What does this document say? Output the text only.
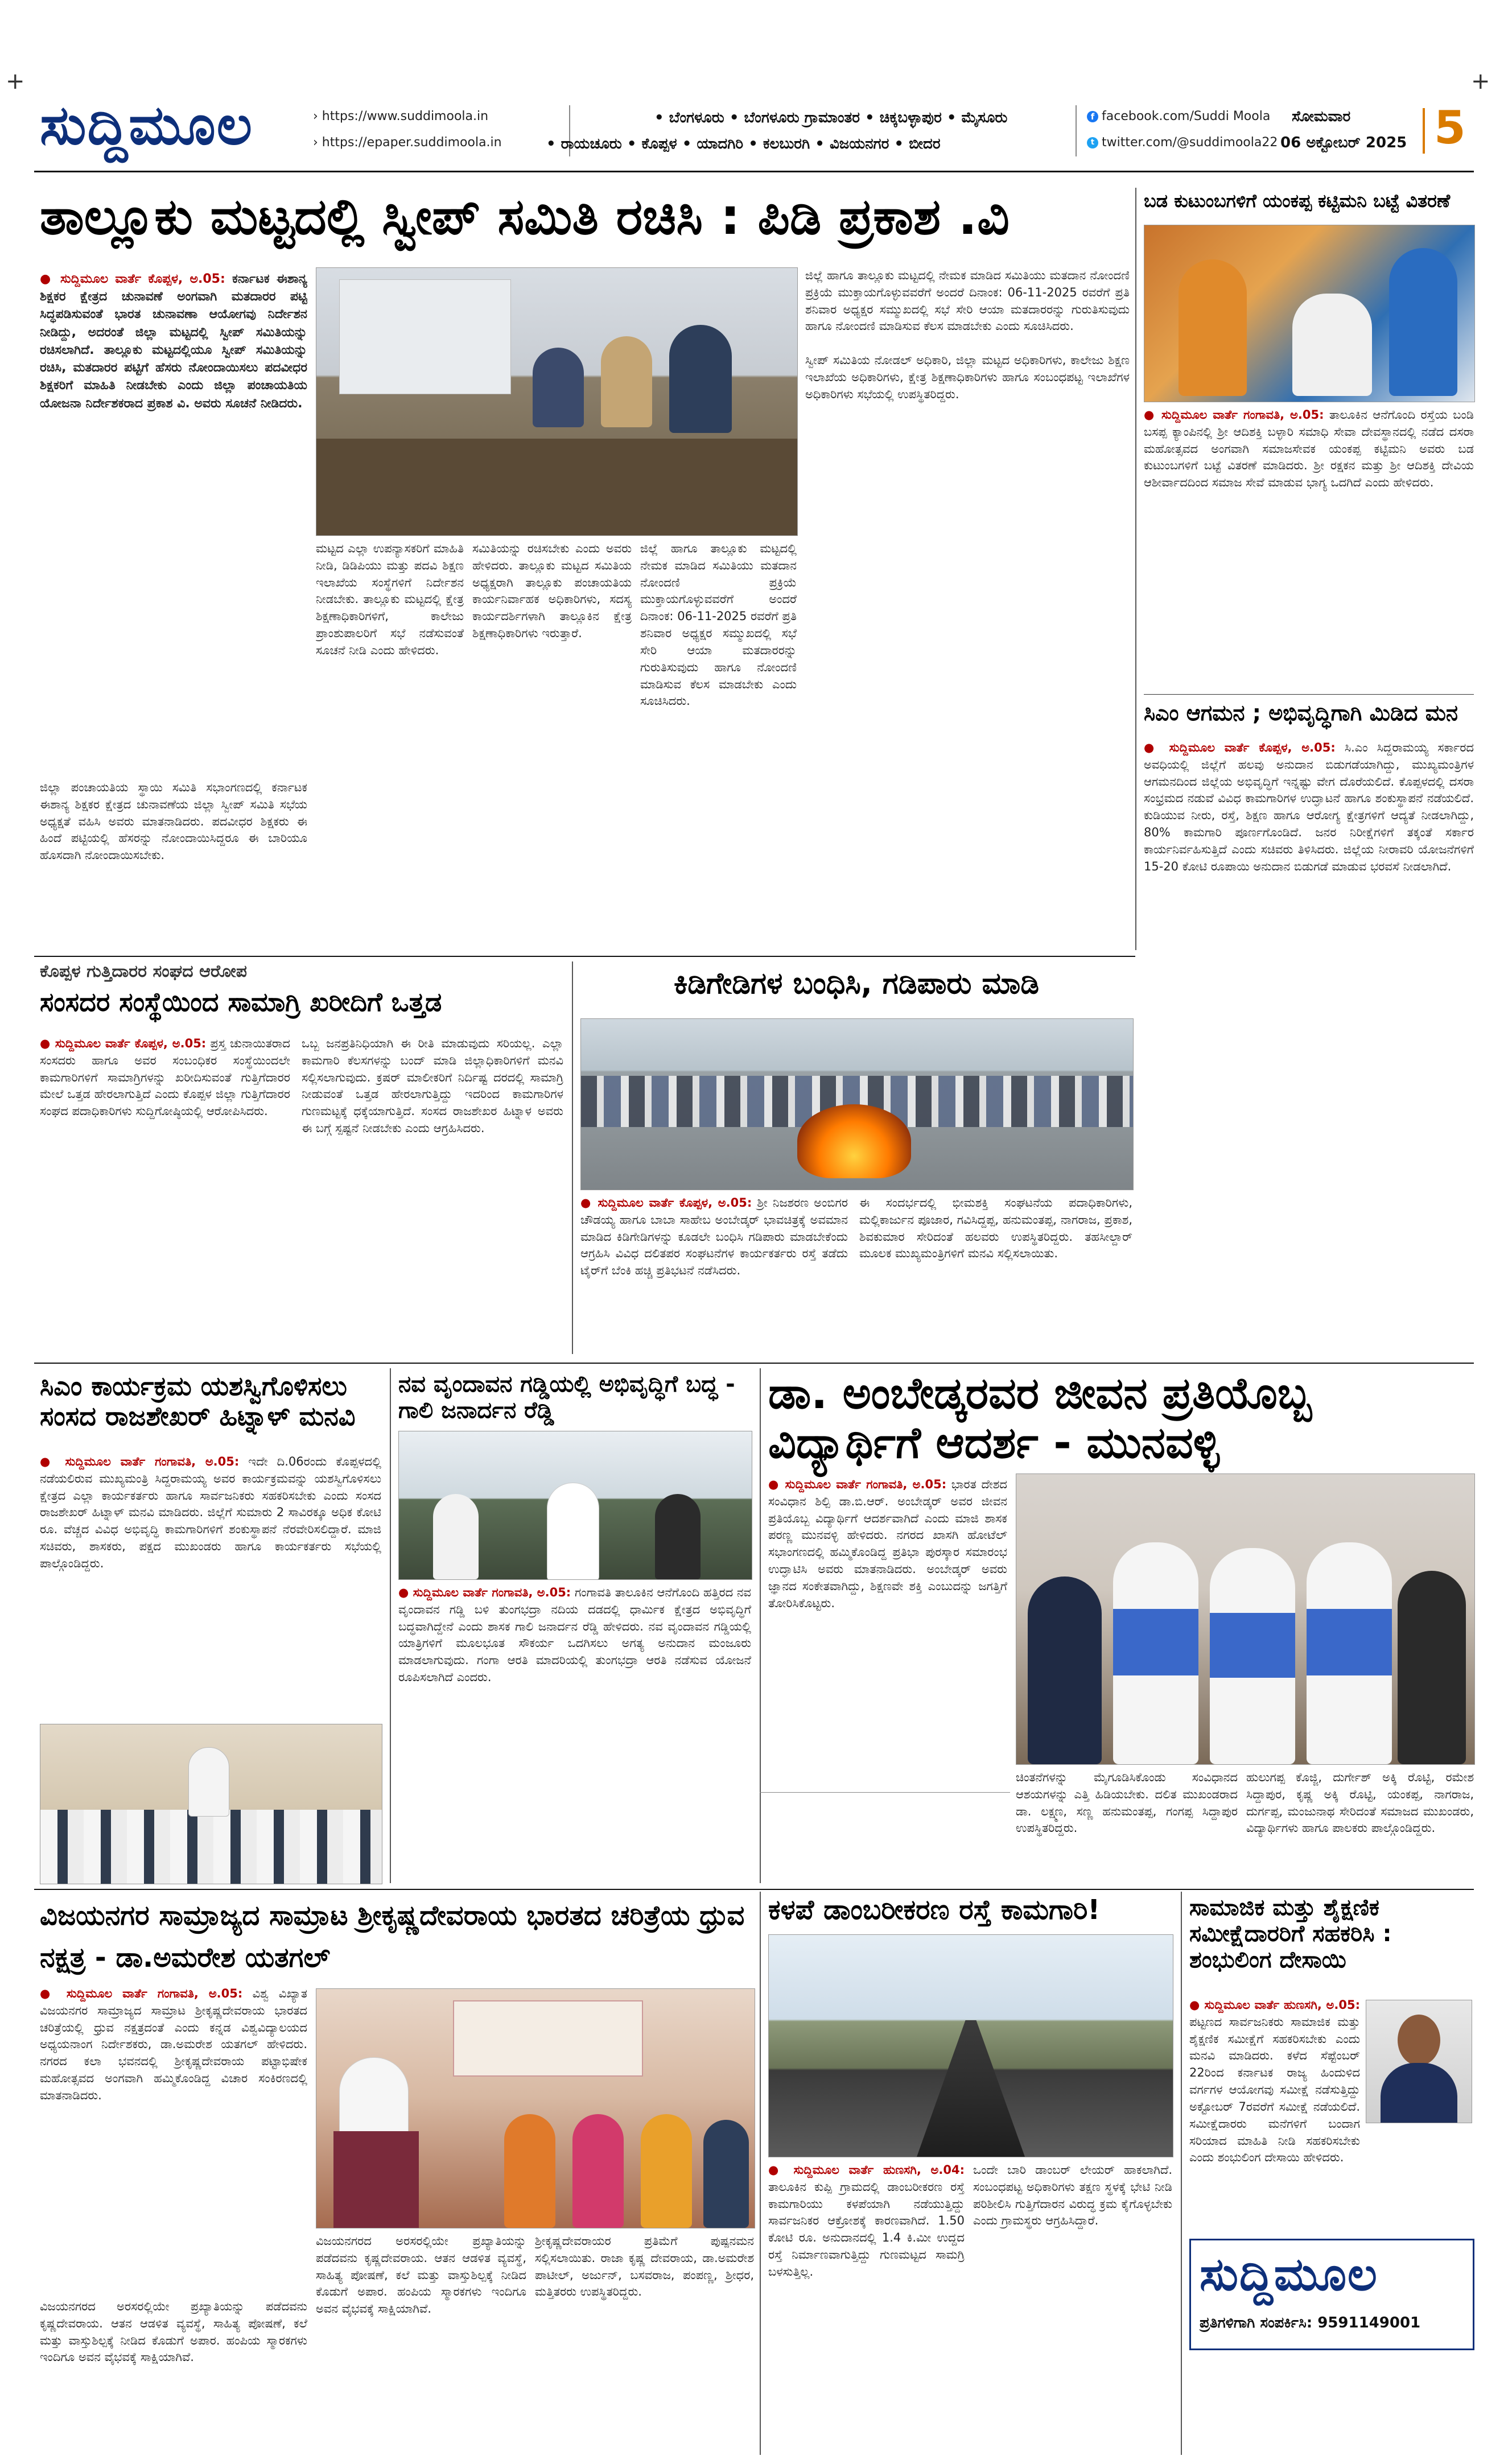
+	+
ಸುದ್ದಿಮೂಲ	› https://www.suddimoola.in
› https://epaper.suddimoola.in
• ಬೆಂಗಳೂರು • ಬೆಂಗಳೂರು ಗ್ರಾಮಾಂತರ • ಚಿಕ್ಕಬಳ್ಳಾಪುರ • ಮೈಸೂರು
• ರಾಯಚೂರು • ಕೊಪ್ಪಳ • ಯಾದಗಿರಿ • ಕಲಬುರಗಿ • ವಿಜಯನಗರ • ಬೀದರ
f facebook.com/Suddi Moola
t twitter.com/@suddimoola22
ಸೋಮವಾರ
06 ಅಕ್ಟೋಬರ್ 2025 5
ತಾಲ್ಲೂಕು ಮಟ್ಟದಲ್ಲಿ ಸ್ವೀಪ್ ಸಮಿತಿ ರಚಿಸಿ : ಪಿಡಿ ಪ್ರಕಾಶ .ವಿ
● ಸುದ್ದಿಮೂಲ ವಾರ್ತೆ ಕೊಪ್ಪಳ, ಅ.05: ಕರ್ನಾಟಕ ಈಶಾನ್ಯ ಶಿಕ್ಷಕರ ಕ್ಷೇತ್ರದ ಚುನಾವಣೆ ಅಂಗವಾಗಿ ಮತದಾರರ ಪಟ್ಟಿ ಸಿದ್ಧಪಡಿಸುವಂತೆ ಭಾರತ ಚುನಾವಣಾ ಆಯೋಗವು ನಿರ್ದೇಶನ ನೀಡಿದ್ದು, ಅದರಂತೆ ಜಿಲ್ಲಾ ಮಟ್ಟದಲ್ಲಿ ಸ್ವೀಪ್ ಸಮಿತಿಯನ್ನು ರಚಿಸಲಾಗಿದೆ. ತಾಲ್ಲೂಕು ಮಟ್ಟದಲ್ಲಿಯೂ ಸ್ವೀಪ್ ಸಮಿತಿಯನ್ನು ರಚಿಸಿ, ಮತದಾರರ ಪಟ್ಟಿಗೆ ಹೆಸರು ನೋಂದಾಯಿಸಲು ಪದವೀಧರ ಶಿಕ್ಷಕರಿಗೆ ಮಾಹಿತಿ ನೀಡಬೇಕು ಎಂದು ಜಿಲ್ಲಾ ಪಂಚಾಯತಿಯ ಯೋಜನಾ ನಿರ್ದೇಶಕರಾದ ಪ್ರಕಾಶ ವಿ. ಅವರು ಸೂಚನೆ ನೀಡಿದರು.
ಜಿಲ್ಲಾ ಪಂಚಾಯತಿಯ ಸ್ಥಾಯಿ ಸಮಿತಿ ಸಭಾಂಗಣದಲ್ಲಿ ಕರ್ನಾಟಕ ಈಶಾನ್ಯ ಶಿಕ್ಷಕರ ಕ್ಷೇತ್ರದ ಚುನಾವಣೆಯ ಜಿಲ್ಲಾ ಸ್ವೀಪ್ ಸಮಿತಿ ಸಭೆಯ ಅಧ್ಯಕ್ಷತೆ ವಹಿಸಿ ಅವರು ಮಾತನಾಡಿದರು. ಪದವೀಧರ ಶಿಕ್ಷಕರು ಈ ಹಿಂದೆ ಪಟ್ಟಿಯಲ್ಲಿ ಹೆಸರನ್ನು ನೋಂದಾಯಿಸಿದ್ದರೂ ಈ ಬಾರಿಯೂ ಹೊಸದಾಗಿ ನೋಂದಾಯಿಸಬೇಕು.
ಮಟ್ಟದ ಎಲ್ಲಾ ಉಪನ್ಯಾಸಕರಿಗೆ ಮಾಹಿತಿ ನೀಡಿ, ಡಿಡಿಪಿಯು ಮತ್ತು ಪದವಿ ಶಿಕ್ಷಣ ಇಲಾಖೆಯ ಸಂಸ್ಥೆಗಳಿಗೆ ನಿರ್ದೇಶನ ನೀಡಬೇಕು. ತಾಲ್ಲೂಕು ಮಟ್ಟದಲ್ಲಿ ಕ್ಷೇತ್ರ ಶಿಕ್ಷಣಾಧಿಕಾರಿಗಳಿಗೆ, ಕಾಲೇಜು ಪ್ರಾಂಶುಪಾಲರಿಗೆ ಸಭೆ ನಡೆಸುವಂತೆ ಸೂಚನೆ ನೀಡಿ ಎಂದು ಹೇಳಿದರು.
ಸಮಿತಿಯನ್ನು ರಚಿಸಬೇಕು ಎಂದು ಅವರು ಹೇಳಿದರು. ತಾಲ್ಲೂಕು ಮಟ್ಟದ ಸಮಿತಿಯ ಅಧ್ಯಕ್ಷರಾಗಿ ತಾಲ್ಲೂಕು ಪಂಚಾಯತಿಯ ಕಾರ್ಯನಿರ್ವಾಹಕ ಅಧಿಕಾರಿಗಳು, ಸದಸ್ಯ ಕಾರ್ಯದರ್ಶಿಗಳಾಗಿ ತಾಲ್ಲೂಕಿನ ಕ್ಷೇತ್ರ ಶಿಕ್ಷಣಾಧಿಕಾರಿಗಳು ಇರುತ್ತಾರೆ.
ಜಿಲ್ಲೆ ಹಾಗೂ ತಾಲ್ಲೂಕು ಮಟ್ಟದಲ್ಲಿ ನೇಮಕ ಮಾಡಿದ ಸಮಿತಿಯು ಮತದಾನ ನೋಂದಣಿ ಪ್ರಕ್ರಿಯೆ ಮುಕ್ತಾಯಗೊಳ್ಳುವವರೆಗೆ ಅಂದರೆ ದಿನಾಂಕ: 06-11-2025 ರವರೆಗೆ ಪ್ರತಿ ಶನಿವಾರ ಅಧ್ಯಕ್ಷರ ಸಮ್ಮುಖದಲ್ಲಿ ಸಭೆ ಸೇರಿ ಆಯಾ ಮತದಾರರನ್ನು ಗುರುತಿಸುವುದು ಹಾಗೂ ನೋಂದಣಿ ಮಾಡಿಸುವ ಕೆಲಸ ಮಾಡಬೇಕು ಎಂದು ಸೂಚಿಸಿದರು.
ಜಿಲ್ಲೆ ಹಾಗೂ ತಾಲ್ಲೂಕು ಮಟ್ಟದಲ್ಲಿ ನೇಮಕ ಮಾಡಿದ ಸಮಿತಿಯು ಮತದಾನ ನೋಂದಣಿ ಪ್ರಕ್ರಿಯೆ ಮುಕ್ತಾಯಗೊಳ್ಳುವವರೆಗೆ ಅಂದರೆ ದಿನಾಂಕ: 06-11-2025 ರವರೆಗೆ ಪ್ರತಿ ಶನಿವಾರ ಅಧ್ಯಕ್ಷರ ಸಮ್ಮುಖದಲ್ಲಿ ಸಭೆ ಸೇರಿ ಆಯಾ ಮತದಾರರನ್ನು ಗುರುತಿಸುವುದು ಹಾಗೂ ನೋಂದಣಿ ಮಾಡಿಸುವ ಕೆಲಸ ಮಾಡಬೇಕು ಎಂದು ಸೂಚಿಸಿದರು.

ಸ್ವೀಪ್ ಸಮಿತಿಯ ನೋಡಲ್ ಅಧಿಕಾರಿ, ಜಿಲ್ಲಾ ಮಟ್ಟದ ಅಧಿಕಾರಿಗಳು, ಕಾಲೇಜು ಶಿಕ್ಷಣ ಇಲಾಖೆಯ ಅಧಿಕಾರಿಗಳು, ಕ್ಷೇತ್ರ ಶಿಕ್ಷಣಾಧಿಕಾರಿಗಳು ಹಾಗೂ ಸಂಬಂಧಪಟ್ಟ ಇಲಾಖೆಗಳ ಅಧಿಕಾರಿಗಳು ಸಭೆಯಲ್ಲಿ ಉಪಸ್ಥಿತರಿದ್ದರು.
ಬಡ ಕುಟುಂಬಗಳಿಗೆ ಯಂಕಪ್ಪ ಕಟ್ಟಿಮನಿ ಬಟ್ಟೆ ವಿತರಣೆ
● ಸುದ್ದಿಮೂಲ ವಾರ್ತೆ ಗಂಗಾವತಿ, ಅ.05: ತಾಲೂಕಿನ ಆನೆಗೊಂದಿ ರಸ್ತೆಯ ಬಂಡಿ ಬಸಪ್ಪ ಕ್ಯಾಂಪಿನಲ್ಲಿ ಶ್ರೀ ಆದಿಶಕ್ತಿ ಬಳ್ಳಾರಿ ಸಮಾಧಿ ಸೇವಾ ದೇವಸ್ಥಾನದಲ್ಲಿ ನಡೆದ ದಸರಾ ಮಹೋತ್ಸವದ ಅಂಗವಾಗಿ ಸಮಾಜಸೇವಕ ಯಂಕಪ್ಪ ಕಟ್ಟಿಮನಿ ಅವರು ಬಡ ಕುಟುಂಬಗಳಿಗೆ ಬಟ್ಟೆ ವಿತರಣೆ ಮಾಡಿದರು. ಶ್ರೀ ರಕ್ಷಕನ ಮತ್ತು ಶ್ರೀ ಆದಿಶಕ್ತಿ ದೇವಿಯ ಆಶೀರ್ವಾದದಿಂದ ಸಮಾಜ ಸೇವೆ ಮಾಡುವ ಭಾಗ್ಯ ಒದಗಿದೆ ಎಂದು ಹೇಳಿದರು.
ಸಿಎಂ ಆಗಮನ ; ಅಭಿವೃದ್ಧಿಗಾಗಿ ಮಿಡಿದ ಮನ
● ಸುದ್ದಿಮೂಲ ವಾರ್ತೆ ಕೊಪ್ಪಳ, ಅ.05: ಸಿ.ಎಂ ಸಿದ್ದರಾಮಯ್ಯ ಸರ್ಕಾರದ ಅವಧಿಯಲ್ಲಿ ಜಿಲ್ಲೆಗೆ ಹಲವು ಅನುದಾನ ಬಿಡುಗಡೆಯಾಗಿದ್ದು, ಮುಖ್ಯಮಂತ್ರಿಗಳ ಆಗಮನದಿಂದ ಜಿಲ್ಲೆಯ ಅಭಿವೃದ್ಧಿಗೆ ಇನ್ನಷ್ಟು ವೇಗ ದೊರೆಯಲಿದೆ. ಕೊಪ್ಪಳದಲ್ಲಿ ದಸರಾ ಸಂಭ್ರಮದ ನಡುವೆ ವಿವಿಧ ಕಾಮಗಾರಿಗಳ ಉದ್ಘಾಟನೆ ಹಾಗೂ ಶಂಕುಸ್ಥಾಪನೆ ನಡೆಯಲಿದೆ. ಕುಡಿಯುವ ನೀರು, ರಸ್ತೆ, ಶಿಕ್ಷಣ ಹಾಗೂ ಆರೋಗ್ಯ ಕ್ಷೇತ್ರಗಳಿಗೆ ಆದ್ಯತೆ ನೀಡಲಾಗಿದ್ದು, 80% ಕಾಮಗಾರಿ ಪೂರ್ಣಗೊಂಡಿದೆ. ಜನರ ನಿರೀಕ್ಷೆಗಳಿಗೆ ತಕ್ಕಂತೆ ಸರ್ಕಾರ ಕಾರ್ಯನಿರ್ವಹಿಸುತ್ತಿದೆ ಎಂದು ಸಚಿವರು ತಿಳಿಸಿದರು. ಜಿಲ್ಲೆಯ ನೀರಾವರಿ ಯೋಜನೆಗಳಿಗೆ 15-20 ಕೋಟಿ ರೂಪಾಯಿ ಅನುದಾನ ಬಿಡುಗಡೆ ಮಾಡುವ ಭರವಸೆ ನೀಡಲಾಗಿದೆ.
ಕೊಪ್ಪಳ ಗುತ್ತಿದಾರರ ಸಂಘದ ಆರೋಪ
ಸಂಸದರ ಸಂಸ್ಥೆಯಿಂದ ಸಾಮಾಗ್ರಿ ಖರೀದಿಗೆ ಒತ್ತಡ
● ಸುದ್ದಿಮೂಲ ವಾರ್ತೆ ಕೊಪ್ಪಳ, ಅ.05: ಪ್ರಸ್ತ ಚುನಾಯಿತರಾದ ಸಂಸದರು ಹಾಗೂ ಅವರ ಸಂಬಂಧಿಕರ ಸಂಸ್ಥೆಯಿಂದಲೇ ಕಾಮಗಾರಿಗಳಿಗೆ ಸಾಮಾಗ್ರಿಗಳನ್ನು ಖರೀದಿಸುವಂತೆ ಗುತ್ತಿಗೆದಾರರ ಮೇಲೆ ಒತ್ತಡ ಹೇರಲಾಗುತ್ತಿದೆ ಎಂದು ಕೊಪ್ಪಳ ಜಿಲ್ಲಾ ಗುತ್ತಿಗೆದಾರರ ಸಂಘದ ಪದಾಧಿಕಾರಿಗಳು ಸುದ್ದಿಗೋಷ್ಠಿಯಲ್ಲಿ ಆರೋಪಿಸಿದರು.
ಒಬ್ಬ ಜನಪ್ರತಿನಿಧಿಯಾಗಿ ಈ ರೀತಿ ಮಾಡುವುದು ಸರಿಯಲ್ಲ. ಎಲ್ಲಾ ಕಾಮಗಾರಿ ಕೆಲಸಗಳನ್ನು ಬಂದ್ ಮಾಡಿ ಜಿಲ್ಲಾಧಿಕಾರಿಗಳಿಗೆ ಮನವಿ ಸಲ್ಲಿಸಲಾಗುವುದು. ಕ್ರಷರ್ ಮಾಲೀಕರಿಗೆ ನಿರ್ದಿಷ್ಟ ದರದಲ್ಲಿ ಸಾಮಾಗ್ರಿ ನೀಡುವಂತೆ ಒತ್ತಡ ಹೇರಲಾಗುತ್ತಿದ್ದು ಇದರಿಂದ ಕಾಮಗಾರಿಗಳ ಗುಣಮಟ್ಟಕ್ಕೆ ಧಕ್ಕೆಯಾಗುತ್ತಿದೆ. ಸಂಸದ ರಾಜಶೇಖರ ಹಿಟ್ನಾಳ ಅವರು ಈ ಬಗ್ಗೆ ಸ್ಪಷ್ಟನೆ ನೀಡಬೇಕು ಎಂದು ಆಗ್ರಹಿಸಿದರು.
ಕಿಡಿಗೇಡಿಗಳ ಬಂಧಿಸಿ, ಗಡಿಪಾರು ಮಾಡಿ
● ಸುದ್ದಿಮೂಲ ವಾರ್ತೆ ಕೊಪ್ಪಳ, ಅ.05: ಶ್ರೀ ನಿಜಶರಣ ಅಂಬಿಗರ ಚೌಡಯ್ಯ ಹಾಗೂ ಬಾಬಾ ಸಾಹೇಬ ಅಂಬೇಡ್ಕರ್ ಭಾವಚಿತ್ರಕ್ಕೆ ಅವಮಾನ ಮಾಡಿದ ಕಿಡಿಗೇಡಿಗಳನ್ನು ಕೂಡಲೇ ಬಂಧಿಸಿ ಗಡಿಪಾರು ಮಾಡಬೇಕೆಂದು ಆಗ್ರಹಿಸಿ ವಿವಿಧ ದಲಿತಪರ ಸಂಘಟನೆಗಳ ಕಾರ್ಯಕರ್ತರು ರಸ್ತೆ ತಡೆದು ಟೈರ್‌ಗೆ ಬೆಂಕಿ ಹಚ್ಚಿ ಪ್ರತಿಭಟನೆ ನಡೆಸಿದರು.
ಈ ಸಂದರ್ಭದಲ್ಲಿ ಭೀಮಶಕ್ತಿ ಸಂಘಟನೆಯ ಪದಾಧಿಕಾರಿಗಳು, ಮಲ್ಲಿಕಾರ್ಜುನ ಪೂಜಾರ, ಗವಿಸಿದ್ದಪ್ಪ, ಹನುಮಂತಪ್ಪ, ನಾಗರಾಜ, ಪ್ರಕಾಶ, ಶಿವಕುಮಾರ ಸೇರಿದಂತೆ ಹಲವರು ಉಪಸ್ಥಿತರಿದ್ದರು. ತಹಸೀಲ್ದಾರ್ ಮೂಲಕ ಮುಖ್ಯಮಂತ್ರಿಗಳಿಗೆ ಮನವಿ ಸಲ್ಲಿಸಲಾಯಿತು.
ಸಿಎಂ ಕಾರ್ಯಕ್ರಮ ಯಶಸ್ವಿಗೊಳಿಸಲು ಸಂಸದ ರಾಜಶೇಖರ್ ಹಿಟ್ನಾಳ್ ಮನವಿ
● ಸುದ್ದಿಮೂಲ ವಾರ್ತೆ ಗಂಗಾವತಿ, ಅ.05: ಇದೇ ದಿ.06ರಂದು ಕೊಪ್ಪಳದಲ್ಲಿ ನಡೆಯಲಿರುವ ಮುಖ್ಯಮಂತ್ರಿ ಸಿದ್ದರಾಮಯ್ಯ ಅವರ ಕಾರ್ಯಕ್ರಮವನ್ನು ಯಶಸ್ವಿಗೊಳಿಸಲು ಕ್ಷೇತ್ರದ ಎಲ್ಲಾ ಕಾರ್ಯಕರ್ತರು ಹಾಗೂ ಸಾರ್ವಜನಿಕರು ಸಹಕರಿಸಬೇಕು ಎಂದು ಸಂಸದ ರಾಜಶೇಖರ್ ಹಿಟ್ನಾಳ್ ಮನವಿ ಮಾಡಿದರು. ಜಿಲ್ಲೆಗೆ ಸುಮಾರು 2 ಸಾವಿರಕ್ಕೂ ಅಧಿಕ ಕೋಟಿ ರೂ. ವೆಚ್ಚದ ವಿವಿಧ ಅಭಿವೃದ್ಧಿ ಕಾಮಗಾರಿಗಳಿಗೆ ಶಂಕುಸ್ಥಾಪನೆ ನೆರವೇರಿಸಲಿದ್ದಾರೆ. ಮಾಜಿ ಸಚಿವರು, ಶಾಸಕರು, ಪಕ್ಷದ ಮುಖಂಡರು ಹಾಗೂ ಕಾರ್ಯಕರ್ತರು ಸಭೆಯಲ್ಲಿ ಪಾಲ್ಗೊಂಡಿದ್ದರು.
ನವ ವೃಂದಾವನ ಗಡ್ಡಿಯಲ್ಲಿ ಅಭಿವೃದ್ಧಿಗೆ ಬದ್ಧ - ಗಾಲಿ ಜನಾರ್ದನ ರೆಡ್ಡಿ
● ಸುದ್ದಿಮೂಲ ವಾರ್ತೆ ಗಂಗಾವತಿ, ಅ.05: ಗಂಗಾವತಿ ತಾಲೂಕಿನ ಆನೆಗೊಂದಿ ಹತ್ತಿರದ ನವ ವೃಂದಾವನ ಗಡ್ಡಿ ಬಳಿ ತುಂಗಭದ್ರಾ ನದಿಯ ದಡದಲ್ಲಿ ಧಾರ್ಮಿಕ ಕ್ಷೇತ್ರದ ಅಭಿವೃದ್ಧಿಗೆ ಬದ್ಧವಾಗಿದ್ದೇನೆ ಎಂದು ಶಾಸಕ ಗಾಲಿ ಜನಾರ್ದನ ರೆಡ್ಡಿ ಹೇಳಿದರು. ನವ ವೃಂದಾವನ ಗಡ್ಡಿಯಲ್ಲಿ ಯಾತ್ರಿಗಳಿಗೆ ಮೂಲಭೂತ ಸೌಕರ್ಯ ಒದಗಿಸಲು ಅಗತ್ಯ ಅನುದಾನ ಮಂಜೂರು ಮಾಡಲಾಗುವುದು. ಗಂಗಾ ಆರತಿ ಮಾದರಿಯಲ್ಲಿ ತುಂಗಭದ್ರಾ ಆರತಿ ನಡೆಸುವ ಯೋಜನೆ ರೂಪಿಸಲಾಗಿದೆ ಎಂದರು.
ಡಾ. ಅಂಬೇಡ್ಕರವರ ಜೀವನ ಪ್ರತಿಯೊಬ್ಬ ವಿದ್ಯಾರ್ಥಿಗೆ ಆದರ್ಶ - ಮುನವಳ್ಳಿ
● ಸುದ್ದಿಮೂಲ ವಾರ್ತೆ ಗಂಗಾವತಿ, ಅ.05: ಭಾರತ ದೇಶದ ಸಂವಿಧಾನ ಶಿಲ್ಪಿ ಡಾ.ಬಿ.ಆರ್. ಅಂಬೇಡ್ಕರ್ ಅವರ ಜೀವನ ಪ್ರತಿಯೊಬ್ಬ ವಿದ್ಯಾರ್ಥಿಗೆ ಆದರ್ಶವಾಗಿದೆ ಎಂದು ಮಾಜಿ ಶಾಸಕ ಪರಣ್ಣ ಮುನವಳ್ಳಿ ಹೇಳಿದರು. ನಗರದ ಖಾಸಗಿ ಹೋಟೆಲ್ ಸಭಾಂಗಣದಲ್ಲಿ ಹಮ್ಮಿಕೊಂಡಿದ್ದ ಪ್ರತಿಭಾ ಪುರಸ್ಕಾರ ಸಮಾರಂಭ ಉದ್ಘಾಟಿಸಿ ಅವರು ಮಾತನಾಡಿದರು. ಅಂಬೇಡ್ಕರ್ ಅವರು ಜ್ಞಾನದ ಸಂಕೇತವಾಗಿದ್ದು, ಶಿಕ್ಷಣವೇ ಶಕ್ತಿ ಎಂಬುದನ್ನು ಜಗತ್ತಿಗೆ ತೋರಿಸಿಕೊಟ್ಟರು.
ಚಿಂತನೆಗಳನ್ನು ಮೈಗೂಡಿಸಿಕೊಂಡು ಸಂವಿಧಾನದ ಆಶಯಗಳನ್ನು ಎತ್ತಿ ಹಿಡಿಯಬೇಕು. ದಲಿತ ಮುಖಂಡರಾದ ಡಾ. ಲಕ್ಷ್ಮಣ, ಸಣ್ಣ ಹನುಮಂತಪ್ಪ, ಗಂಗಪ್ಪ ಸಿದ್ದಾಪುರ ಉಪಸ್ಥಿತರಿದ್ದರು.
ಹುಲುಗಪ್ಪ ಕೊಜ್ಜಿ, ದುರ್ಗೇಶ್ ಅಕ್ಕಿ ರೊಟ್ಟಿ, ರಮೇಶ ಸಿದ್ದಾಪುರ, ಕೃಷ್ಣ ಅಕ್ಕಿ ರೊಟ್ಟಿ, ಯಂಕಪ್ಪ, ನಾಗರಾಜ, ದುರ್ಗಪ್ಪ, ಮಂಜುನಾಥ ಸೇರಿದಂತೆ ಸಮಾಜದ ಮುಖಂಡರು, ವಿದ್ಯಾರ್ಥಿಗಳು ಹಾಗೂ ಪಾಲಕರು ಪಾಲ್ಗೊಂಡಿದ್ದರು.
ಕಳಪೆ ಡಾಂಬರೀಕರಣ ರಸ್ತೆ ಕಾಮಗಾರಿ!
● ಸುದ್ದಿಮೂಲ ವಾರ್ತೆ ಹುಣಸಗಿ, ಅ.04: ತಾಲೂಕಿನ ಕುಪ್ಪಿ ಗ್ರಾಮದಲ್ಲಿ ಡಾಂಬರೀಕರಣ ರಸ್ತೆ ಕಾಮಗಾರಿಯು ಕಳಪೆಯಾಗಿ ನಡೆಯುತ್ತಿದ್ದು ಸಾರ್ವಜನಿಕರ ಆಕ್ರೋಶಕ್ಕೆ ಕಾರಣವಾಗಿದೆ. 1.50 ಕೋಟಿ ರೂ. ಅನುದಾನದಲ್ಲಿ 1.4 ಕಿ.ಮೀ ಉದ್ದದ ರಸ್ತೆ ನಿರ್ಮಾಣವಾಗುತ್ತಿದ್ದು ಗುಣಮಟ್ಟದ ಸಾಮಗ್ರಿ ಬಳಸುತ್ತಿಲ್ಲ.
ಒಂದೇ ಬಾರಿ ಡಾಂಬರ್ ಲೇಯರ್ ಹಾಕಲಾಗಿದೆ. ಸಂಬಂಧಪಟ್ಟ ಅಧಿಕಾರಿಗಳು ತಕ್ಷಣ ಸ್ಥಳಕ್ಕೆ ಭೇಟಿ ನೀಡಿ ಪರಿಶೀಲಿಸಿ ಗುತ್ತಿಗೆದಾರನ ವಿರುದ್ಧ ಕ್ರಮ ಕೈಗೊಳ್ಳಬೇಕು ಎಂದು ಗ್ರಾಮಸ್ಥರು ಆಗ್ರಹಿಸಿದ್ದಾರೆ.
ಸಾಮಾಜಿಕ ಮತ್ತು ಶೈಕ್ಷಣಿಕ ಸಮೀಕ್ಷೆದಾರರಿಗೆ ಸಹಕರಿಸಿ : ಶಂಭುಲಿಂಗ ದೇಸಾಯಿ
● ಸುದ್ದಿಮೂಲ ವಾರ್ತೆ ಹುಣಸಗಿ, ಅ.05: ಪಟ್ಟಣದ ಸಾರ್ವಜನಿಕರು ಸಾಮಾಜಿಕ ಮತ್ತು ಶೈಕ್ಷಣಿಕ ಸಮೀಕ್ಷೆಗೆ ಸಹಕರಿಸಬೇಕು ಎಂದು ಮನವಿ ಮಾಡಿದರು. ಕಳೆದ ಸೆಪ್ಟೆಂಬರ್ 22ರಿಂದ ಕರ್ನಾಟಕ ರಾಜ್ಯ ಹಿಂದುಳಿದ ವರ್ಗಗಳ ಆಯೋಗವು ಸಮೀಕ್ಷೆ ನಡೆಸುತ್ತಿದ್ದು ಅಕ್ಟೋಬರ್ 7ರವರೆಗೆ ಸಮೀಕ್ಷೆ ನಡೆಯಲಿದೆ. ಸಮೀಕ್ಷೆದಾರರು ಮನೆಗಳಿಗೆ ಬಂದಾಗ ಸರಿಯಾದ ಮಾಹಿತಿ ನೀಡಿ ಸಹಕರಿಸಬೇಕು ಎಂದು ಶಂಭುಲಿಂಗ ದೇಸಾಯಿ ಹೇಳಿದರು.
ಸುದ್ದಿಮೂಲ
ಪ್ರತಿಗಳಿಗಾಗಿ ಸಂಪರ್ಕಿಸಿ: 9591149001
ವಿಜಯನಗರ ಸಾಮ್ರಾಜ್ಯದ ಸಾಮ್ರಾಟ ಶ್ರೀಕೃಷ್ಣದೇವರಾಯ ಭಾರತದ ಚರಿತ್ರೆಯ ಧ್ರುವ ನಕ್ಷತ್ರ - ಡಾ.ಅಮರೇಶ ಯತಗಲ್
● ಸುದ್ದಿಮೂಲ ವಾರ್ತೆ ಗಂಗಾವತಿ, ಅ.05: ವಿಶ್ವ ವಿಖ್ಯಾತ ವಿಜಯನಗರ ಸಾಮ್ರಾಜ್ಯದ ಸಾಮ್ರಾಟ ಶ್ರೀಕೃಷ್ಣದೇವರಾಯ ಭಾರತದ ಚರಿತ್ರೆಯಲ್ಲಿ ಧ್ರುವ ನಕ್ಷತ್ರದಂತೆ ಎಂದು ಕನ್ನಡ ವಿಶ್ವವಿದ್ಯಾಲಯದ ಅಧ್ಯಯನಾಂಗ ನಿರ್ದೇಶಕರು, ಡಾ.ಅಮರೇಶ ಯತಗಲ್ ಹೇಳಿದರು. ನಗರದ ಕಲಾ ಭವನದಲ್ಲಿ ಶ್ರೀಕೃಷ್ಣದೇವರಾಯ ಪಟ್ಟಾಭಿಷೇಕ ಮಹೋತ್ಸವದ ಅಂಗವಾಗಿ ಹಮ್ಮಿಕೊಂಡಿದ್ದ ವಿಚಾರ ಸಂಕಿರಣದಲ್ಲಿ ಮಾತನಾಡಿದರು.
ವಿಜಯನಗರದ ಅರಸರಲ್ಲಿಯೇ ಪ್ರಖ್ಯಾತಿಯನ್ನು ಪಡೆದವನು ಕೃಷ್ಣದೇವರಾಯ. ಆತನ ಆಡಳಿತ ವ್ಯವಸ್ಥೆ, ಸಾಹಿತ್ಯ ಪೋಷಣೆ, ಕಲೆ ಮತ್ತು ವಾಸ್ತುಶಿಲ್ಪಕ್ಕೆ ನೀಡಿದ ಕೊಡುಗೆ ಅಪಾರ. ಹಂಪಿಯ ಸ್ಮಾರಕಗಳು ಇಂದಿಗೂ ಅವನ ವೈಭವಕ್ಕೆ ಸಾಕ್ಷಿಯಾಗಿವೆ.
ಶ್ರೀಕೃಷ್ಣದೇವರಾಯರ ಪ್ರತಿಮೆಗೆ ಪುಷ್ಪನಮನ ಸಲ್ಲಿಸಲಾಯಿತು. ರಾಜಾ ಕೃಷ್ಣ ದೇವರಾಯ, ಡಾ.ಅಮರೇಶ ಪಾಟೀಲ್, ಅರ್ಜುನ್, ಬಸವರಾಜ, ಪಂಪಣ್ಣ, ಶ್ರೀಧರ, ಮತ್ತಿತರರು ಉಪಸ್ಥಿತರಿದ್ದರು.
ವಿಜಯನಗರದ ಅರಸರಲ್ಲಿಯೇ ಪ್ರಖ್ಯಾತಿಯನ್ನು ಪಡೆದವನು ಕೃಷ್ಣದೇವರಾಯ. ಆತನ ಆಡಳಿತ ವ್ಯವಸ್ಥೆ, ಸಾಹಿತ್ಯ ಪೋಷಣೆ, ಕಲೆ ಮತ್ತು ವಾಸ್ತುಶಿಲ್ಪಕ್ಕೆ ನೀಡಿದ ಕೊಡುಗೆ ಅಪಾರ. ಹಂಪಿಯ ಸ್ಮಾರಕಗಳು ಇಂದಿಗೂ ಅವನ ವೈಭವಕ್ಕೆ ಸಾಕ್ಷಿಯಾಗಿವೆ.
